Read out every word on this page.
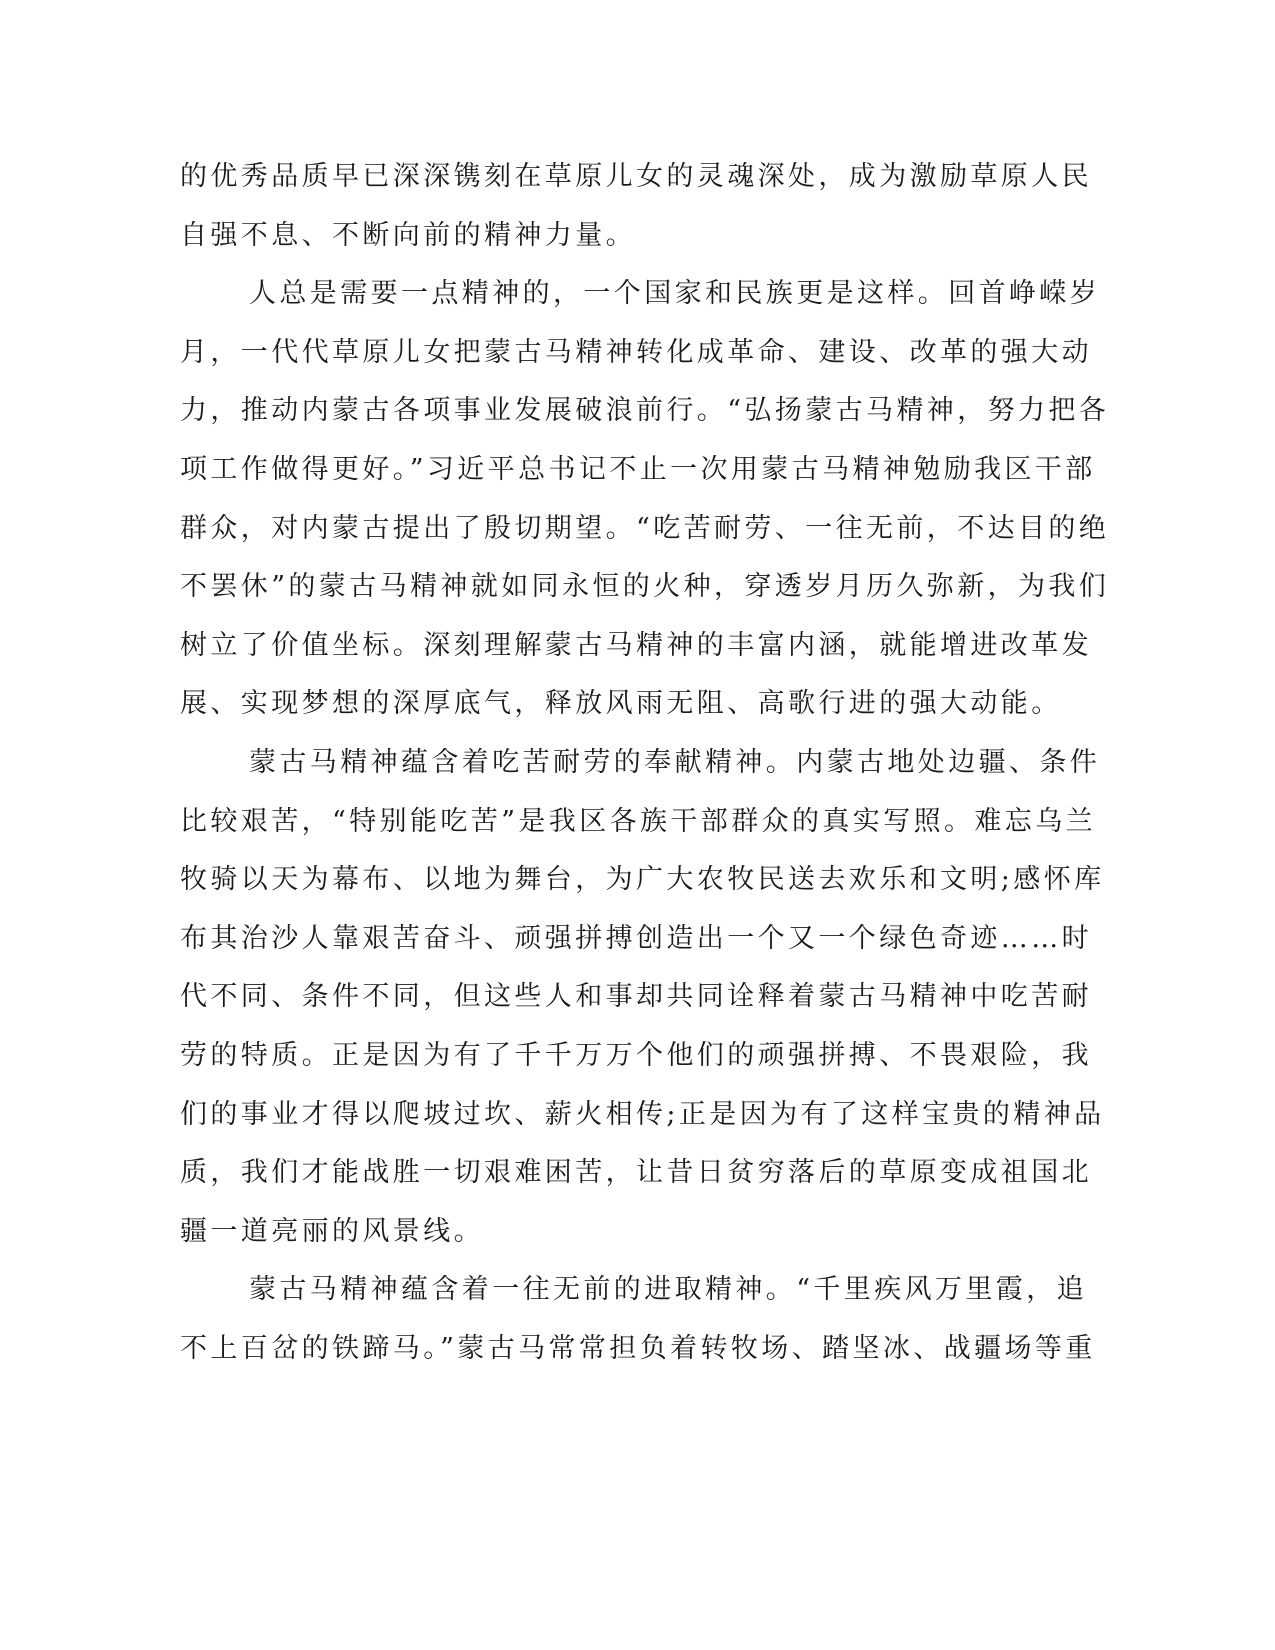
的优秀品质早已深深镌刻在草原儿女的灵魂深处，成为激励草原人民
自强不息、不断向前的精神力量。
人总是需要一点精神的，一个国家和民族更是这样。回首峥嵘岁
月，一代代草原儿女把蒙古马精神转化成革命、建设、改革的强大动
力，推动内蒙古各项事业发展破浪前行。“弘扬蒙古马精神，努力把各
项工作做得更好。”习近平总书记不止一次用蒙古马精神勉励我区干部
群众，对内蒙古提出了殷切期望。“吃苦耐劳、一往无前，不达目的绝
不罢休”的蒙古马精神就如同永恒的火种，穿透岁月历久弥新，为我们
树立了价值坐标。深刻理解蒙古马精神的丰富内涵，就能增进改革发
展、实现梦想的深厚底气，释放风雨无阻、高歌行进的强大动能。
蒙古马精神蕴含着吃苦耐劳的奉献精神。内蒙古地处边疆、条件
比较艰苦，“特别能吃苦”是我区各族干部群众的真实写照。难忘乌兰
牧骑以天为幕布、以地为舞台，为广大农牧民送去欢乐和文明;感怀库
布其治沙人靠艰苦奋斗、顽强拼搏创造出一个又一个绿色奇迹……时
代不同、条件不同，但这些人和事却共同诠释着蒙古马精神中吃苦耐
劳的特质。正是因为有了千千万万个他们的顽强拼搏、不畏艰险，我
们的事业才得以爬坡过坎、薪火相传;正是因为有了这样宝贵的精神品
质，我们才能战胜一切艰难困苦，让昔日贫穷落后的草原变成祖国北
疆一道亮丽的风景线。
蒙古马精神蕴含着一往无前的进取精神。“千里疾风万里霞，追
不上百岔的铁蹄马。”蒙古马常常担负着转牧场、踏坚冰、战疆场等重
